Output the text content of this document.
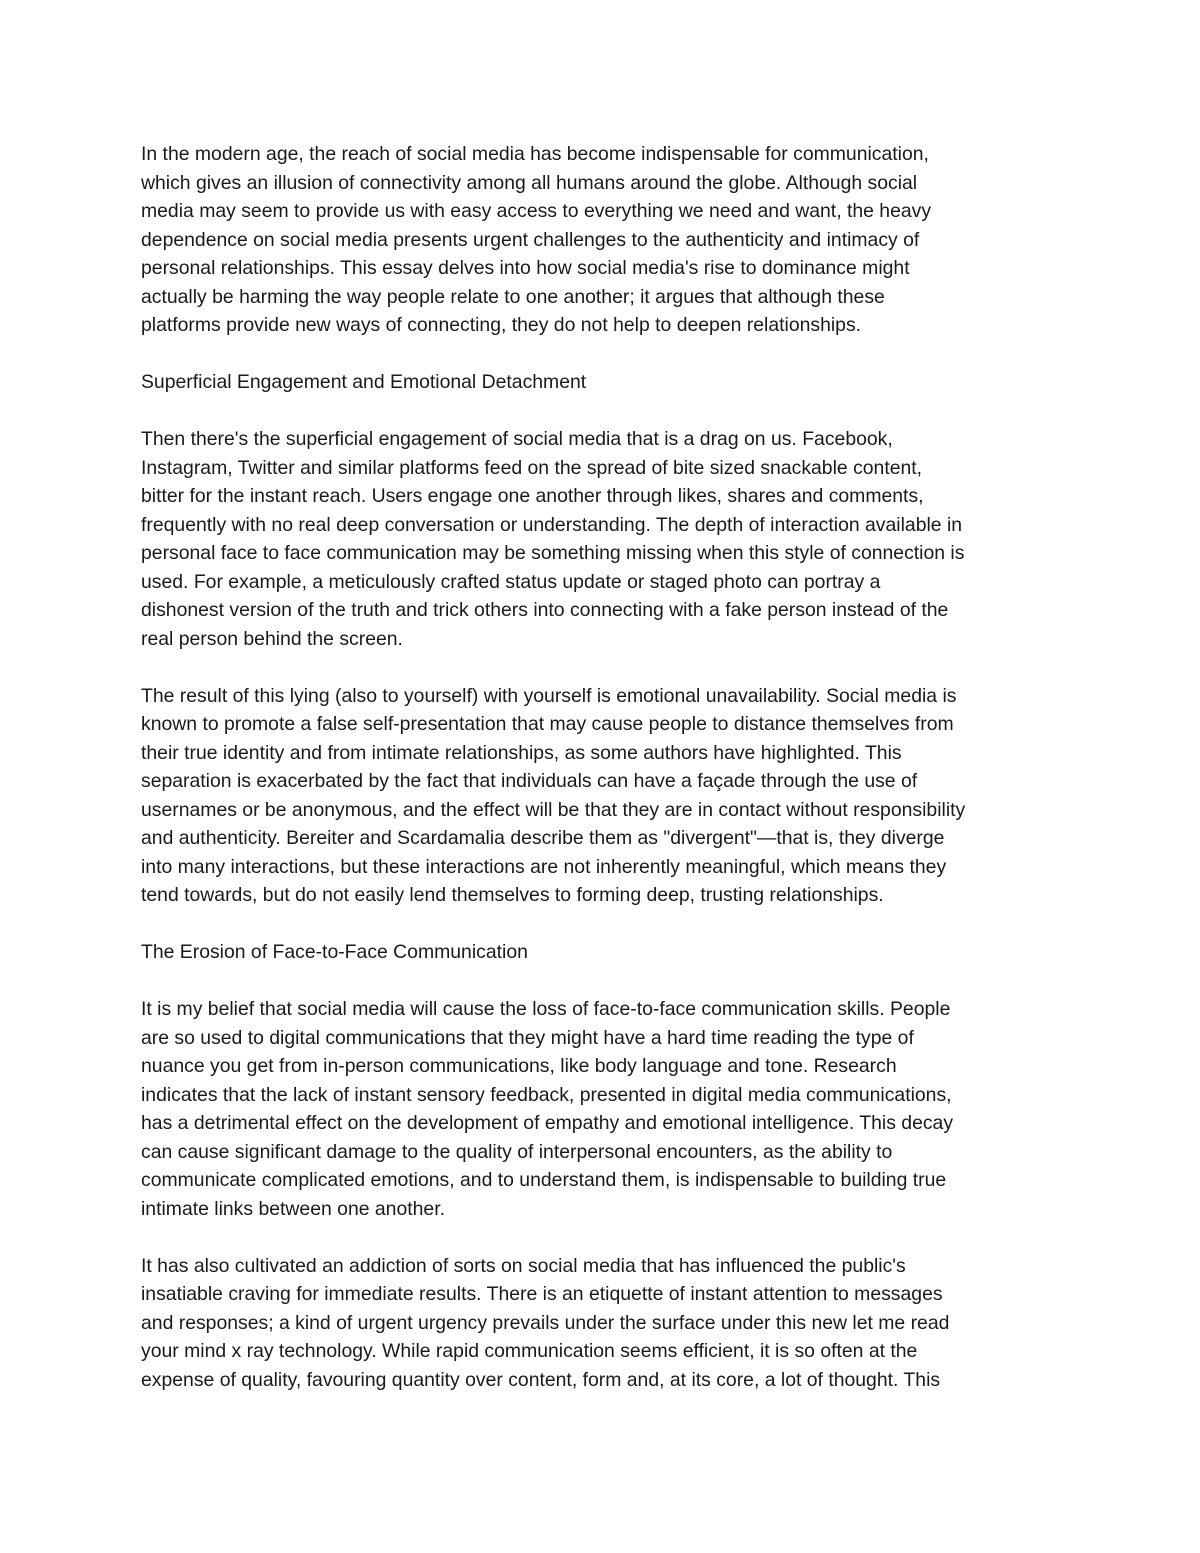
In the modern age, the reach of social media has become indispensable for communication,
which gives an illusion of connectivity among all humans around the globe. Although social
media may seem to provide us with easy access to everything we need and want, the heavy
dependence on social media presents urgent challenges to the authenticity and intimacy of
personal relationships. This essay delves into how social media's rise to dominance might
actually be harming the way people relate to one another; it argues that although these
platforms provide new ways of connecting, they do not help to deepen relationships.
Superficial Engagement and Emotional Detachment
Then there's the superficial engagement of social media that is a drag on us. Facebook,
Instagram, Twitter and similar platforms feed on the spread of bite sized snackable content,
bitter for the instant reach. Users engage one another through likes, shares and comments,
frequently with no real deep conversation or understanding. The depth of interaction available in
personal face to face communication may be something missing when this style of connection is
used. For example, a meticulously crafted status update or staged photo can portray a
dishonest version of the truth and trick others into connecting with a fake person instead of the
real person behind the screen.
The result of this lying (also to yourself) with yourself is emotional unavailability. Social media is
known to promote a false self-presentation that may cause people to distance themselves from
their true identity and from intimate relationships, as some authors have highlighted. This
separation is exacerbated by the fact that individuals can have a façade through the use of
usernames or be anonymous, and the effect will be that they are in contact without responsibility
and authenticity. Bereiter and Scardamalia describe them as "divergent"—that is, they diverge
into many interactions, but these interactions are not inherently meaningful, which means they
tend towards, but do not easily lend themselves to forming deep, trusting relationships.
The Erosion of Face-to-Face Communication
It is my belief that social media will cause the loss of face-to-face communication skills. People
are so used to digital communications that they might have a hard time reading the type of
nuance you get from in-person communications, like body language and tone. Research
indicates that the lack of instant sensory feedback, presented in digital media communications,
has a detrimental effect on the development of empathy and emotional intelligence. This decay
can cause significant damage to the quality of interpersonal encounters, as the ability to
communicate complicated emotions, and to understand them, is indispensable to building true
intimate links between one another.
It has also cultivated an addiction of sorts on social media that has influenced the public's
insatiable craving for immediate results. There is an etiquette of instant attention to messages
and responses; a kind of urgent urgency prevails under the surface under this new let me read
your mind x ray technology. While rapid communication seems efficient, it is so often at the
expense of quality, favouring quantity over content, form and, at its core, a lot of thought. This
